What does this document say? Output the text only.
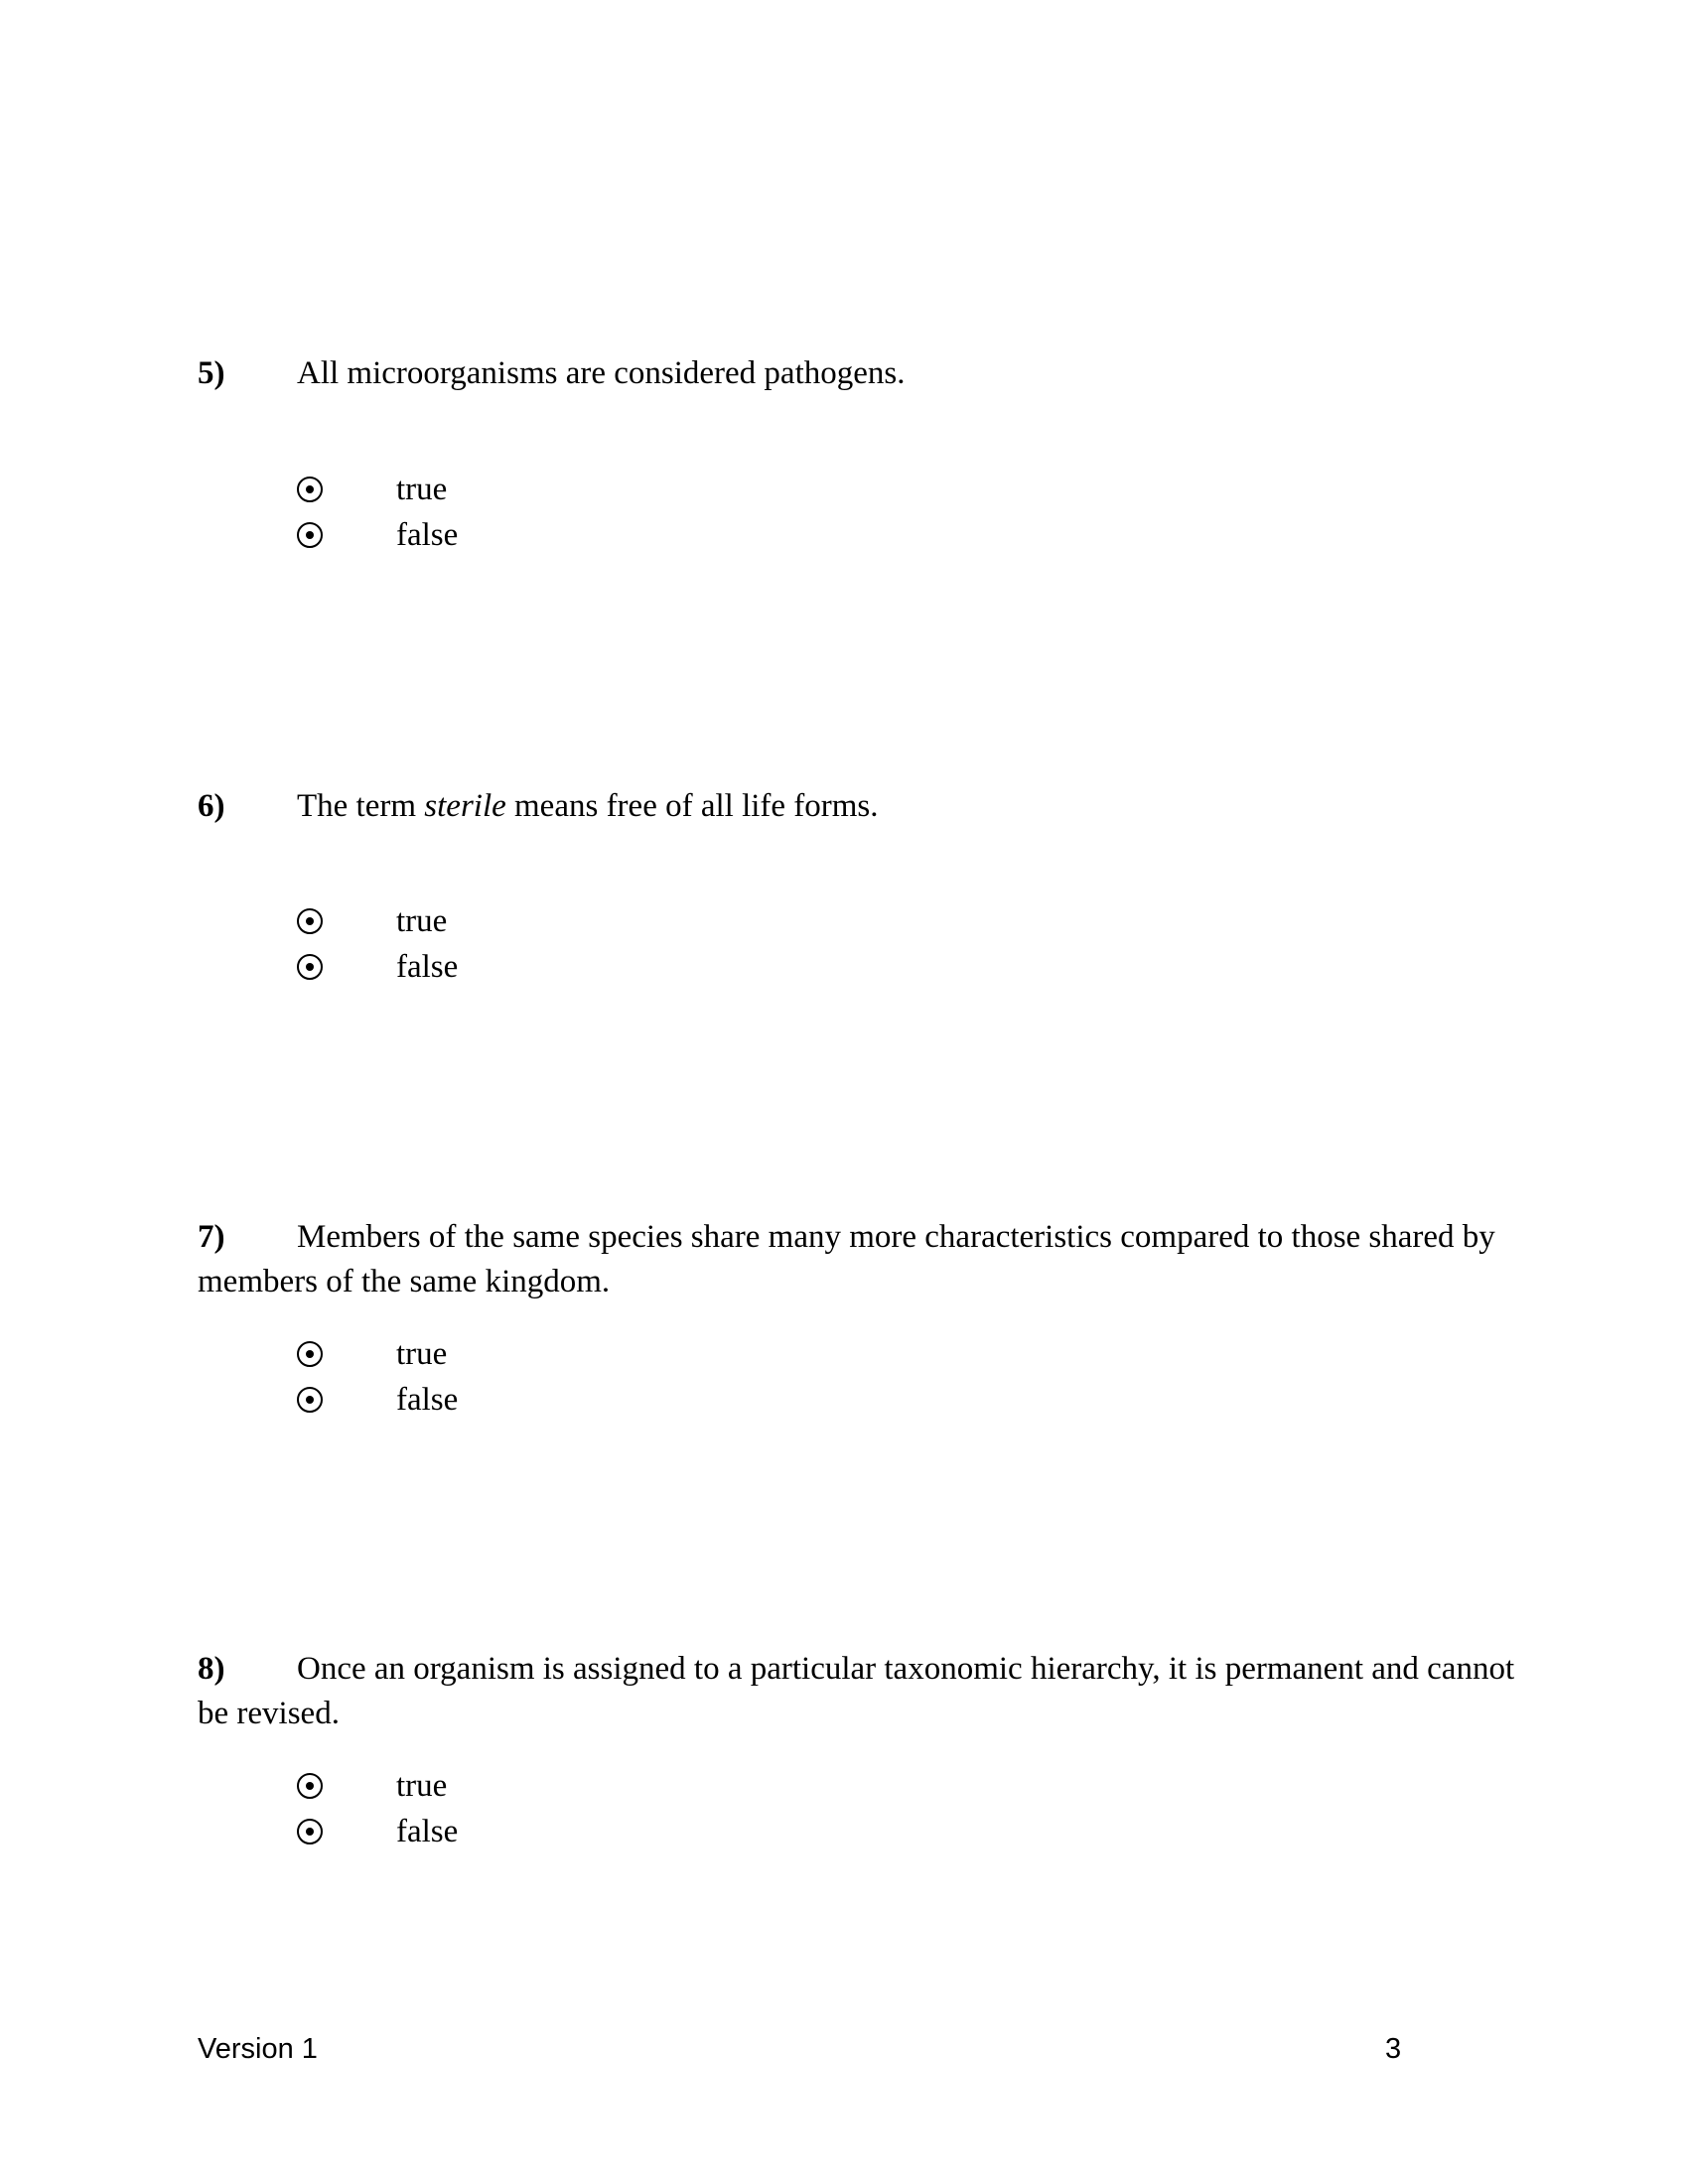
5) All microorganisms are considered pathogens.

true
false

6) The term sterile means free of all life forms.

true
false

7) Members of the same species share many more characteristics compared to those shared by members of the same kingdom.

true
false

8) Once an organism is assigned to a particular taxonomic hierarchy, it is permanent and cannot be revised.

true
false
Version 1	3
